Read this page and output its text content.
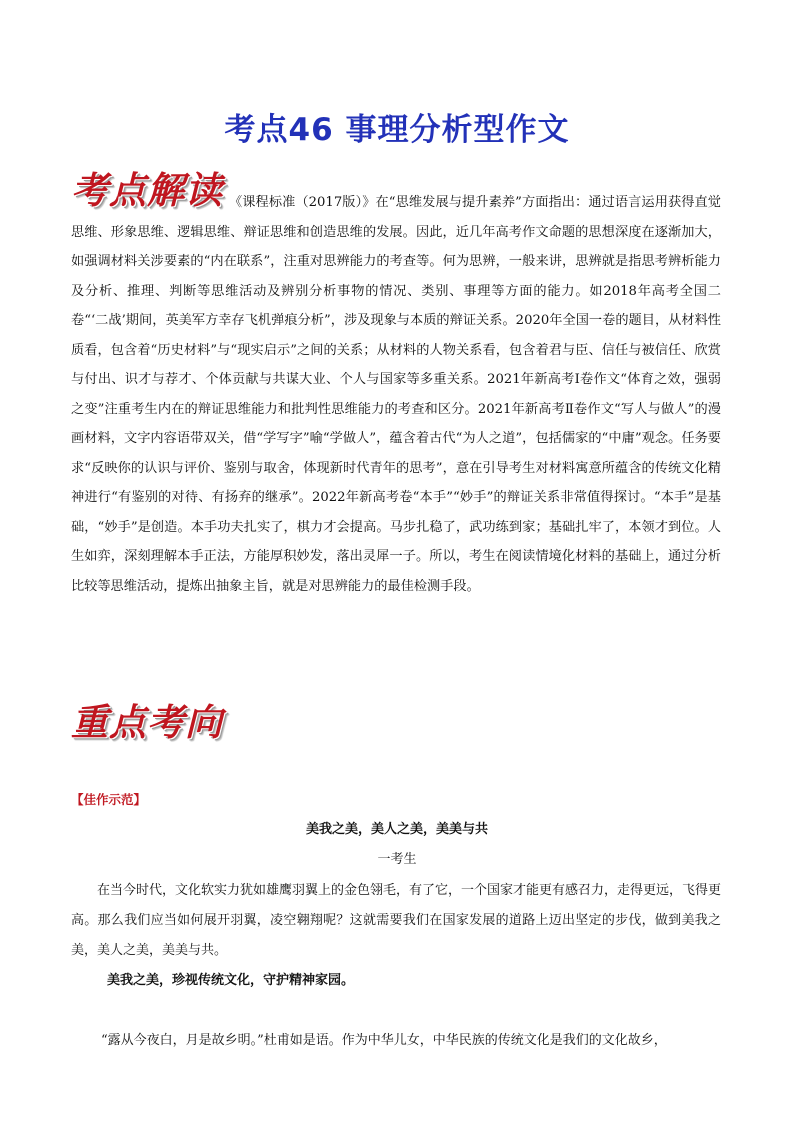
考点46 事理分析型作文
考点解读 《课程标准（2017版）》在“思维发展与提升素养”方面指出：通过语言运用获得直觉思维、形象思维、逻辑思维、辩证思维和创造思维的发展。因此，近几年高考作文命题的思想深度在逐渐加大，如强调材料关涉要素的“内在联系”，注重对思辨能力的考查等。何为思辨，一般来讲，思辨就是指思考辨析能力及分析、推理、判断等思维活动及辨别分析事物的情况、类别、事理等方面的能力。如2018年高考全国二卷“‘二战’期间，英美军方幸存飞机弹痕分析”，涉及现象与本质的辩证关系。2020年全国一卷的题目，从材料性质看，包含着“历史材料”与“现实启示”之间的关系；从材料的人物关系看，包含着君与臣、信任与被信任、欣赏与付出、识才与荐才、个体贡献与共谋大业、个人与国家等多重关系。2021年新高考I卷作文“体育之效，强弱之变”注重考生内在的辩证思维能力和批判性思维能力的考查和区分。2021年新高考Ⅱ卷作文“写人与做人”的漫画材料，文字内容语带双关，借“学写字”喻“学做人”，蕴含着古代“为人之道”，包括儒家的“中庸”观念。任务要求“反映你的认识与评价、鉴别与取舍，体现新时代青年的思考”，意在引导考生对材料寓意所蕴含的传统文化精神进行“有鉴别的对待、有扬弃的继承”。2022年新高考卷“本手”“妙手”的辩证关系非常值得探讨。“本手”是基础，“妙手”是创造。本手功夫扎实了，棋力才会提高。马步扎稳了，武功练到家；基础扎牢了，本领才到位。人生如弈，深刻理解本手正法，方能厚积妙发，落出灵犀一子。所以，考生在阅读情境化材料的基础上，通过分析比较等思维活动，提炼出抽象主旨，就是对思辨能力的最佳检测手段。

重点考向
【佳作示范】
美我之美，美人之美，美美与共
一考生

在当今时代，文化软实力犹如雄鹰羽翼上的金色翎毛，有了它，一个国家才能更有感召力，走得更远，飞得更高。那么我们应当如何展开羽翼，凌空翱翔呢？这就需要我们在国家发展的道路上迈出坚定的步伐，做到美我之美，美人之美，美美与共。

美我之美，珍视传统文化，守护精神家园。

“露从今夜白，月是故乡明。”杜甫如是语。作为中华儿女，中华民族的传统文化是我们的文化故乡，
